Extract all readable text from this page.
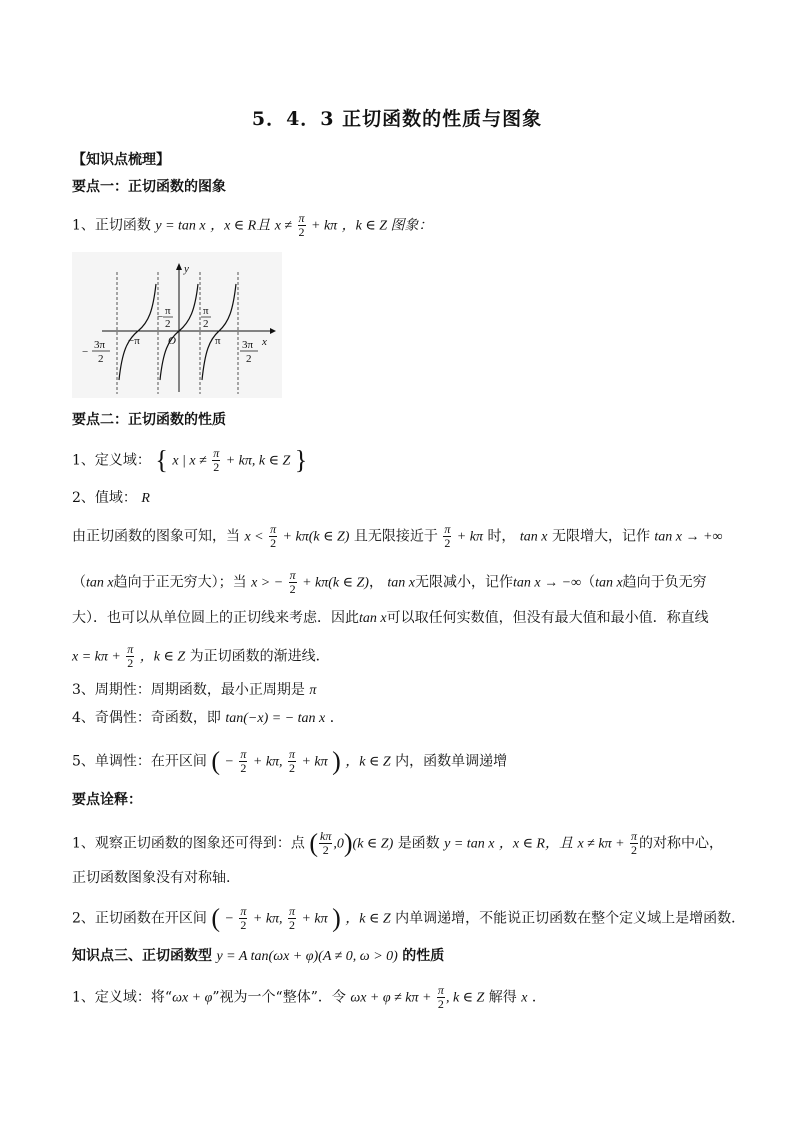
5．4．3 正切函数的性质与图象
【知识点梳理】
要点一：正切函数的图象
1、正切函数 y = tan x ，x ∈ R且 $x \ne \frac{\pi}{2} + k\pi$ ，k ∈ Z 图象：
y
x
O
−π	π
− π
2
π
2
−
3π
2
3π
2
要点二：正切函数的性质
1、定义域： { x | $x \ne \frac{\pi}{2} + k\pi$, k ∈ Z }
2、值域： R
由正切函数的图象可知，当 $x < \frac{\pi}{2} + k\pi(k$ ∈ Z) 且无限接近于 $\frac{\pi}{2} + k\pi$ 时， tan x 无限增大，记作 tan x → +∞
（tan x趋向于正无穷大）；当 x > − $\frac{\pi}{2} + k\pi(k$ ∈ Z)， tan x无限减小，记作tan x → −∞（tan x趋向于负无穷
大）．也可以从单位圆上的正切线来考虑．因此tan x可以取任何实数值，但没有最大值和最小值．称直线
$x = k\pi + \frac{\pi}{2}$ ，k ∈ Z 为正切函数的渐进线．
3、周期性：周期函数，最小正周期是 π
4、奇偶性：奇函数，即 tan(−x) = − tan x ．
5、单调性：在开区间 ( − $\frac{\pi}{2} + k\pi$, $\frac{\pi}{2} + k\pi$ ) ，k ∈ Z 内，函数单调递增
要点诠释：
1、观察正切函数的图象还可得到：点 ( $\frac{k\pi}{2} ,0)(k$ ∈ Z) 是函数 y = tan x ，x ∈ R，且 $x \ne k\pi + \frac{\pi}{2}$ 的对称中心，
正切函数图象没有对称轴.
2、正切函数在开区间 ( − $\frac{\pi}{2} + k\pi$, $\frac{\pi}{2} + k\pi$ ) ，k ∈ Z 内单调递增，不能说正切函数在整个定义域上是增函数．
知识点三、正切函数型 y = A tan(ωx + φ)(A ≠ 0, ω > 0) 的性质
1、定义域：将“ωx + φ”视为一个“整体”．令 $\omega x + \varphi \ne k\pi + \frac{\pi}{2}$ , k ∈ Z 解得 x ．
